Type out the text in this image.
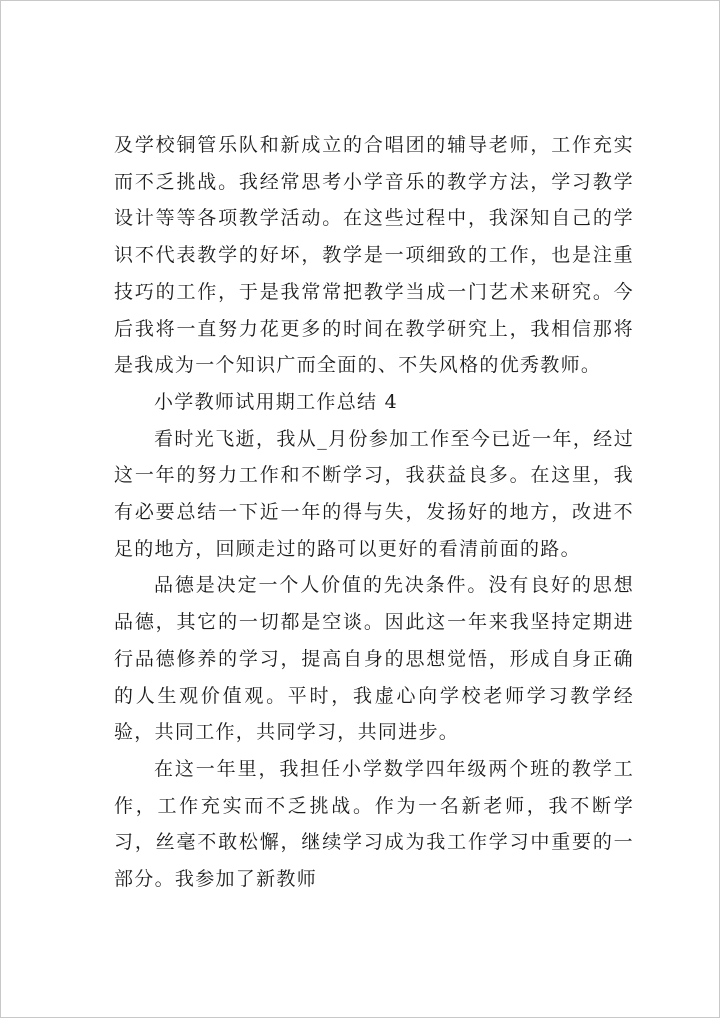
及学校铜管乐队和新成立的合唱团的辅导老师，工作充实而不乏挑战。我经常思考小学音乐的教学方法，学习教学设计等等各项教学活动。在这些过程中，我深知自己的学识不代表教学的好坏，教学是一项细致的工作，也是注重技巧的工作，于是我常常把教学当成一门艺术来研究。今后我将一直努力花更多的时间在教学研究上，我相信那将是我成为一个知识广而全面的、不失风格的优秀教师。

小学教师试用期工作总结 4

看时光飞逝，我从_月份参加工作至今已近一年，经过这一年的努力工作和不断学习，我获益良多。在这里，我有必要总结一下近一年的得与失，发扬好的地方，改进不足的地方，回顾走过的路可以更好的看清前面的路。

品德是决定一个人价值的先决条件。没有良好的思想品德，其它的一切都是空谈。因此这一年来我坚持定期进行品德修养的学习，提高自身的思想觉悟，形成自身正确的人生观价值观。平时，我虚心向学校老师学习教学经验，共同工作，共同学习，共同进步。

在这一年里，我担任小学数学四年级两个班的教学工作，工作充实而不乏挑战。作为一名新老师，我不断学习，丝毫不敢松懈，继续学习成为我工作学习中重要的一部分。我参加了新教师
